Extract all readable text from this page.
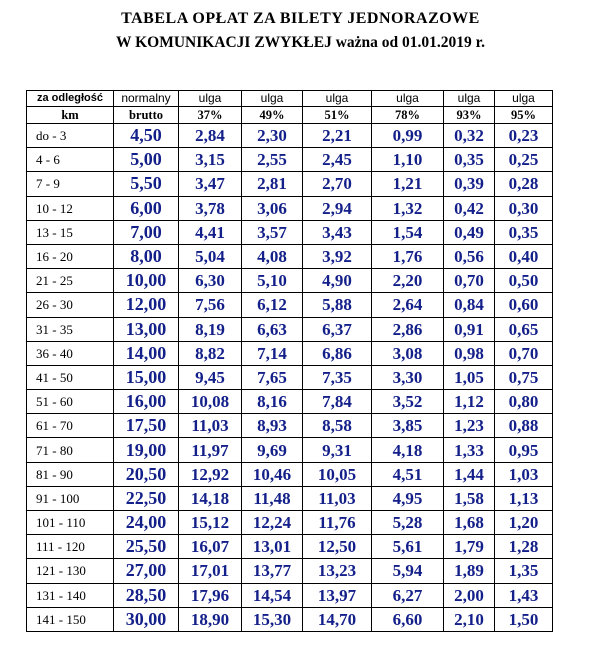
TABELA OPŁAT ZA BILETY JEDNORAZOWE
W KOMUNIKACJI ZWYKŁEJ ważna od 01.01.2019 r.
za odległość	normalny	ulga	ulga	ulga	ulga	ulga	ulga
km	brutto	37%	49%	51%	78%	93%	95%
do - 3	4,50	2,84	2,30	2,21	0,99	0,32	0,23
4 - 6	5,00	3,15	2,55	2,45	1,10	0,35	0,25
7 - 9	5,50	3,47	2,81	2,70	1,21	0,39	0,28
10 - 12	6,00	3,78	3,06	2,94	1,32	0,42	0,30
13 - 15	7,00	4,41	3,57	3,43	1,54	0,49	0,35
16 - 20	8,00	5,04	4,08	3,92	1,76	0,56	0,40
21 - 25	10,00	6,30	5,10	4,90	2,20	0,70	0,50
26 - 30	12,00	7,56	6,12	5,88	2,64	0,84	0,60
31 - 35	13,00	8,19	6,63	6,37	2,86	0,91	0,65
36 - 40	14,00	8,82	7,14	6,86	3,08	0,98	0,70
41 - 50	15,00	9,45	7,65	7,35	3,30	1,05	0,75
51 - 60	16,00	10,08	8,16	7,84	3,52	1,12	0,80
61 - 70	17,50	11,03	8,93	8,58	3,85	1,23	0,88
71 - 80	19,00	11,97	9,69	9,31	4,18	1,33	0,95
81 - 90	20,50	12,92	10,46	10,05	4,51	1,44	1,03
91 - 100	22,50	14,18	11,48	11,03	4,95	1,58	1,13
101 - 110	24,00	15,12	12,24	11,76	5,28	1,68	1,20
111 - 120	25,50	16,07	13,01	12,50	5,61	1,79	1,28
121 - 130	27,00	17,01	13,77	13,23	5,94	1,89	1,35
131 - 140	28,50	17,96	14,54	13,97	6,27	2,00	1,43
141 - 150	30,00	18,90	15,30	14,70	6,60	2,10	1,50
